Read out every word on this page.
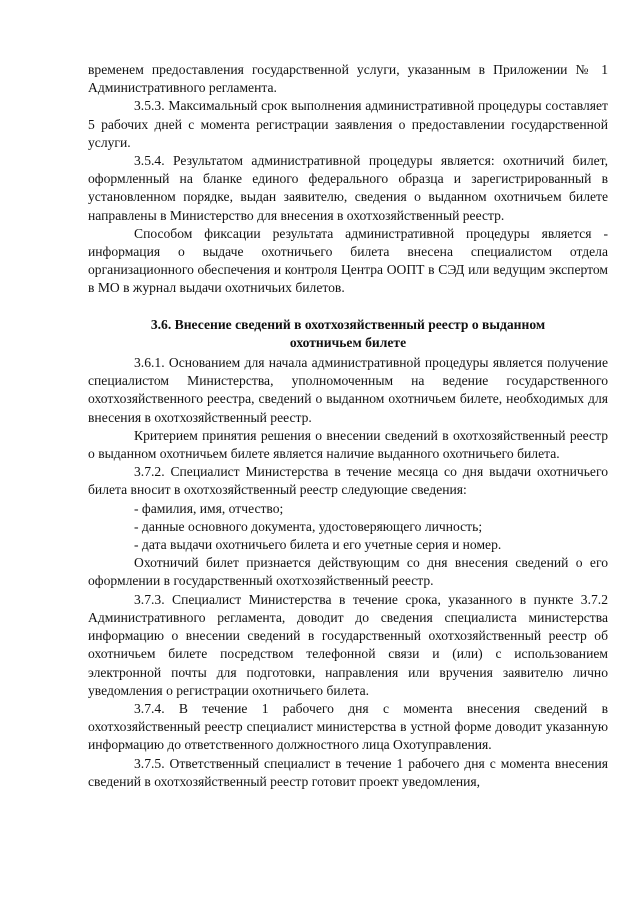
временем предоставления государственной услуги, указанным в Приложении № 1 Административного регламента.

3.5.3. Максимальный срок выполнения административной процедуры составляет 5 рабочих дней с момента регистрации заявления о предоставлении государственной услуги.

3.5.4. Результатом административной процедуры является: охотничий билет, оформленный на бланке единого федерального образца и зарегистрированный в установленном порядке, выдан заявителю, сведения о выданном охотничьем билете направлены в Министерство для внесения в охотхозяйственный реестр.

Способом фиксации результата административной процедуры является - информация о выдаче охотничьего билета внесена специалистом отдела организационного обеспечения и контроля Центра ООПТ в СЭД или ведущим экспертом в МО в журнал выдачи охотничьих билетов.

3.6. Внесение сведений в охотхозяйственный реестр о выданном охотничьем билете

3.6.1. Основанием для начала административной процедуры является получение специалистом Министерства, уполномоченным на ведение государственного охотхозяйственного реестра, сведений о выданном охотничьем билете, необходимых для внесения в охотхозяйственный реестр.

Критерием принятия решения о внесении сведений в охотхозяйственный реестр о выданном охотничьем билете является наличие выданного охотничьего билета.

3.7.2. Специалист Министерства в течение месяца со дня выдачи охотничьего билета вносит в охотхозяйственный реестр следующие сведения:

- фамилия, имя, отчество;

- данные основного документа, удостоверяющего личность;

- дата выдачи охотничьего билета и его учетные серия и номер.

Охотничий билет признается действующим со дня внесения сведений о его оформлении в государственный охотхозяйственный реестр.

3.7.3. Специалист Министерства в течение срока, указанного в пункте 3.7.2 Административного регламента, доводит до сведения специалиста министерства информацию о внесении сведений в государственный охотхозяйственный реестр об охотничьем билете посредством телефонной связи и (или) с использованием электронной почты для подготовки, направления или вручения заявителю лично уведомления о регистрации охотничьего билета.

3.7.4. В течение 1 рабочего дня с момента внесения сведений в охотхозяйственный реестр специалист министерства в устной форме доводит указанную информацию до ответственного должностного лица Охотуправления.

3.7.5. Ответственный специалист в течение 1 рабочего дня с момента внесения сведений в охотхозяйственный реестр готовит проект уведомления,
